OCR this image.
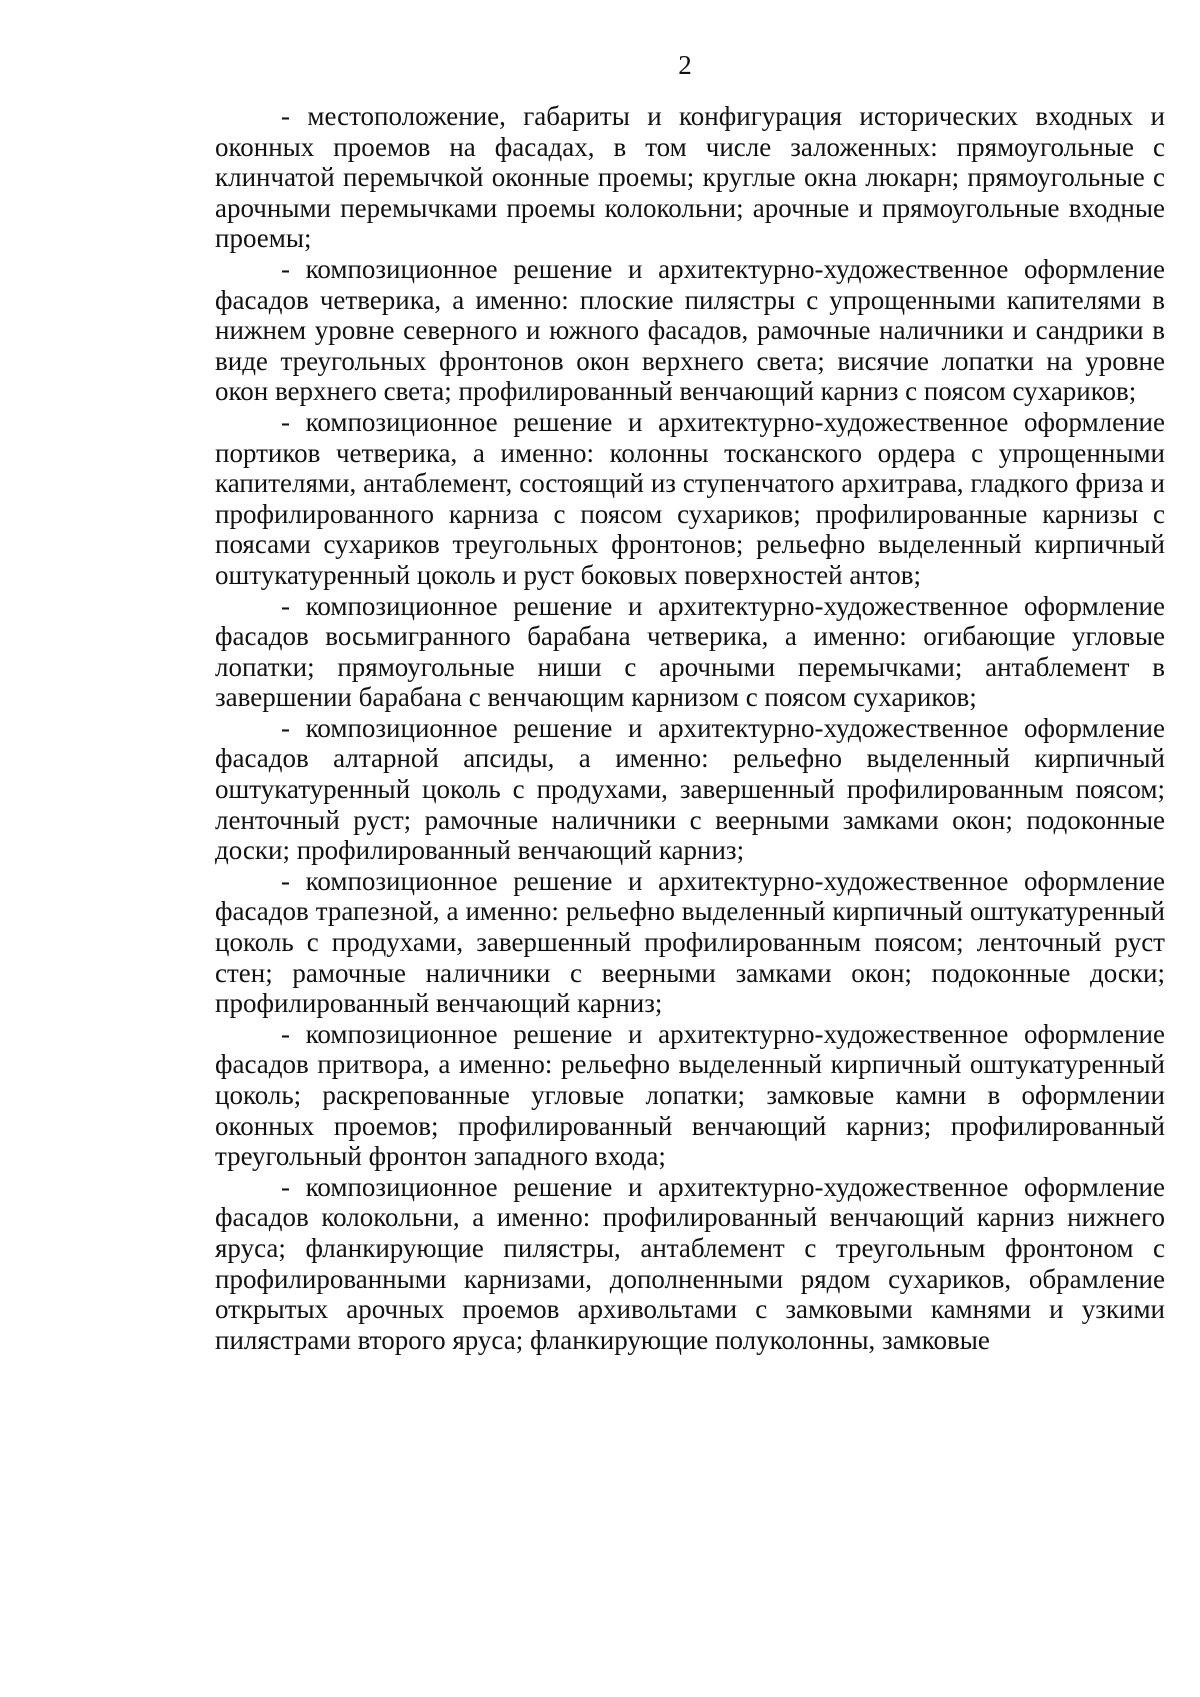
2

- местоположение, габариты и конфигурация исторических входных и оконных проемов на фасадах, в том числе заложенных: прямоугольные с клинчатой перемычкой оконные проемы; круглые окна люкарн; прямоугольные с арочными перемычками проемы колокольни; арочные и прямоугольные входные проемы;

- композиционное решение и архитектурно-художественное оформление фасадов четверика, а именно: плоские пилястры с упрощенными капителями в нижнем уровне северного и южного фасадов, рамочные наличники и сандрики в виде треугольных фронтонов окон верхнего света; висячие лопатки на уровне окон верхнего света; профилированный венчающий карниз с поясом сухариков;

- композиционное решение и архитектурно-художественное оформление портиков четверика, а именно: колонны тосканского ордера с упрощенными капителями, антаблемент, состоящий из ступенчатого архитрава, гладкого фриза и профилированного карниза с поясом сухариков; профилированные карнизы с поясами сухариков треугольных фронтонов; рельефно выделенный кирпичный оштукатуренный цоколь и руст боковых поверхностей антов;

- композиционное решение и архитектурно-художественное оформление фасадов восьмигранного барабана четверика, а именно: огибающие угловые лопатки; прямоугольные ниши с арочными перемычками; антаблемент в завершении барабана с венчающим карнизом с поясом сухариков;

- композиционное решение и архитектурно-художественное оформление фасадов алтарной апсиды, а именно: рельефно выделенный кирпичный оштукатуренный цоколь с продухами, завершенный профилированным поясом; ленточный руст; рамочные наличники с веерными замками окон; подоконные доски; профилированный венчающий карниз;

- композиционное решение и архитектурно-художественное оформление фасадов трапезной, а именно: рельефно выделенный кирпичный оштукатуренный цоколь с продухами, завершенный профилированным поясом; ленточный руст стен; рамочные наличники с веерными замками окон; подоконные доски; профилированный венчающий карниз;

- композиционное решение и архитектурно-художественное оформление фасадов притвора, а именно: рельефно выделенный кирпичный оштукатуренный цоколь; раскрепованные угловые лопатки; замковые камни в оформлении оконных проемов; профилированный венчающий карниз; профилированный треугольный фронтон западного входа;

- композиционное решение и архитектурно-художественное оформление фасадов колокольни, а именно: профилированный венчающий карниз нижнего яруса; фланкирующие пилястры, антаблемент с треугольным фронтоном с профилированными карнизами, дополненными рядом сухариков, обрамление открытых арочных проемов архивольтами с замковыми камнями и узкими пилястрами второго яруса; фланкирующие полуколонны, замковые
